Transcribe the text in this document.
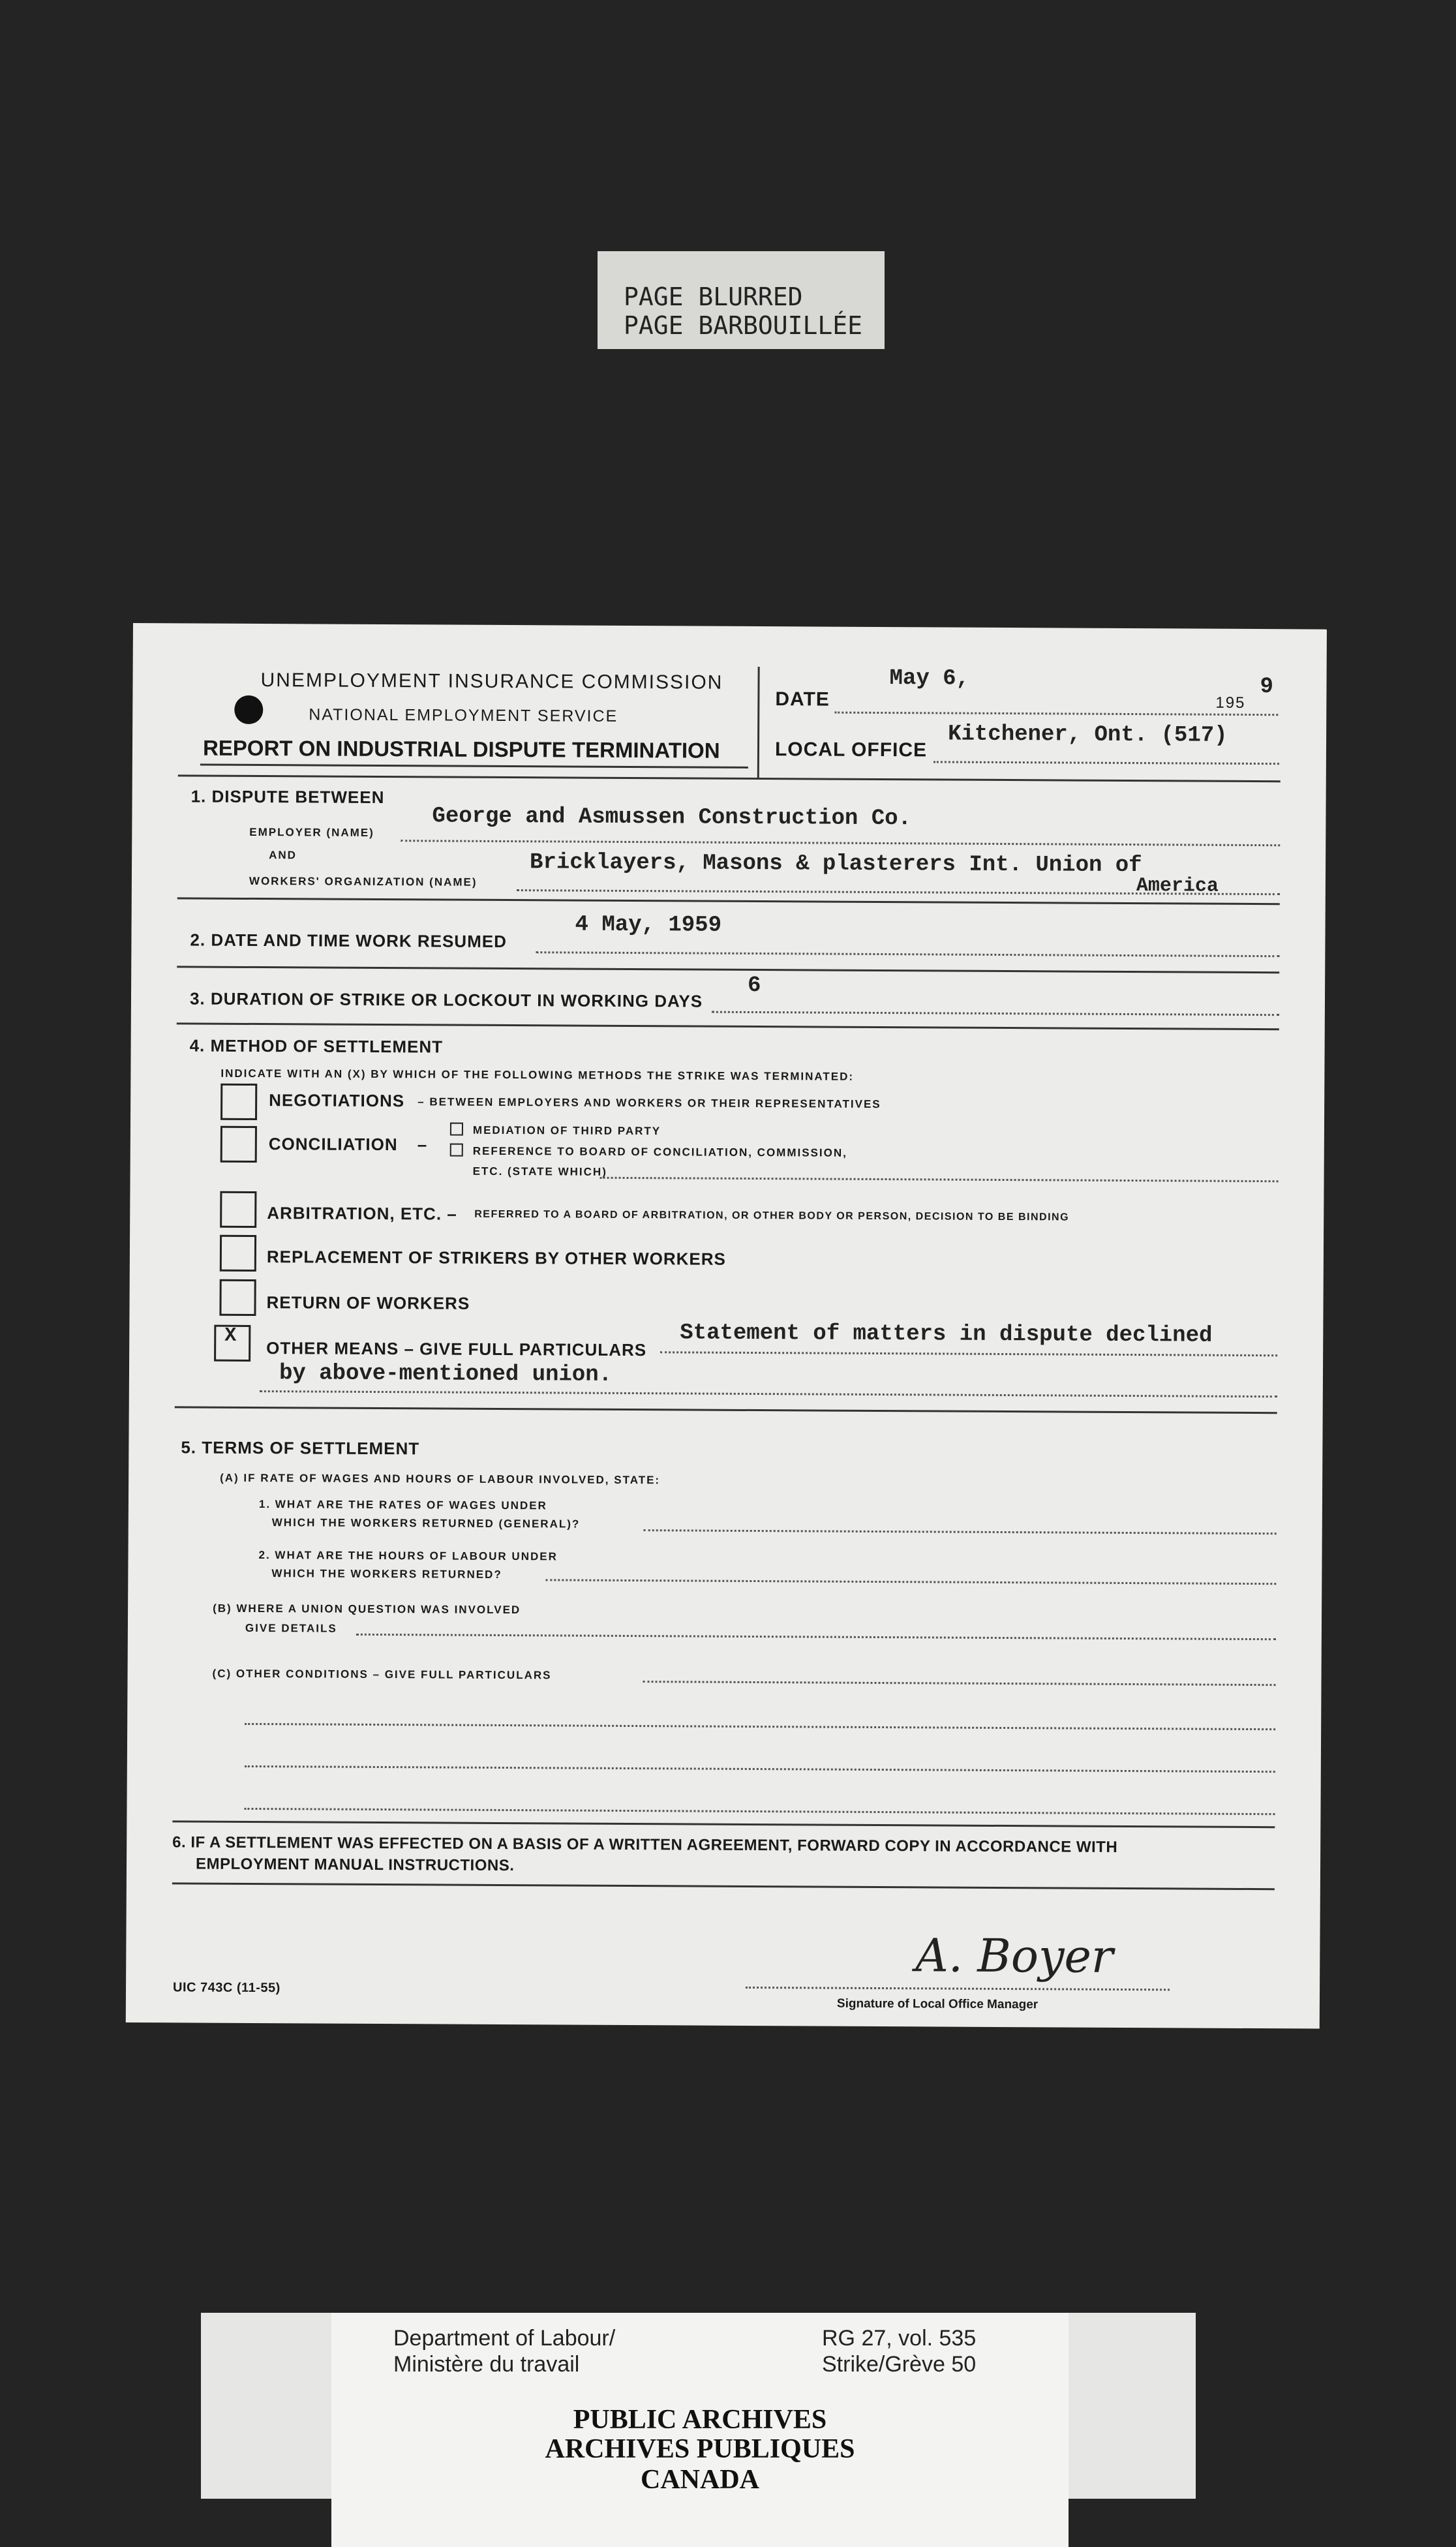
PAGE BLURRED
PAGE BARBOUILLÉE
UNEMPLOYMENT INSURANCE COMMISSION
NATIONAL EMPLOYMENT SERVICE
REPORT ON INDUSTRIAL DISPUTE TERMINATION
DATE
May 6,
195
9
LOCAL OFFICE
Kitchener, Ont. (517)
1. DISPUTE BETWEEN
EMPLOYER (NAME)
George and Asmussen Construction Co.
AND
WORKERS' ORGANIZATION (NAME)
Bricklayers, Masons & plasterers Int. Union of
America
2. DATE AND TIME WORK RESUMED
4 May, 1959
3. DURATION OF STRIKE OR LOCKOUT IN WORKING DAYS
6
4. METHOD OF SETTLEMENT
INDICATE WITH AN (X) BY WHICH OF THE FOLLOWING METHODS THE STRIKE WAS TERMINATED:
NEGOTIATIONS – BETWEEN EMPLOYERS AND WORKERS OR THEIR REPRESENTATIVES
CONCILIATION –
MEDIATION OF THIRD PARTY
REFERENCE TO BOARD OF CONCILIATION, COMMISSION,
ETC. (STATE WHICH)
ARBITRATION, ETC. – REFERRED TO A BOARD OF ARBITRATION, OR OTHER BODY OR PERSON, DECISION TO BE BINDING
REPLACEMENT OF STRIKERS BY OTHER WORKERS
RETURN OF WORKERS
X
OTHER MEANS – GIVE FULL PARTICULARS
Statement of matters in dispute declined
by above-mentioned union.
5. TERMS OF SETTLEMENT
(A) IF RATE OF WAGES AND HOURS OF LABOUR INVOLVED, STATE:
1. WHAT ARE THE RATES OF WAGES UNDER
WHICH THE WORKERS RETURNED (GENERAL)?
2. WHAT ARE THE HOURS OF LABOUR UNDER
WHICH THE WORKERS RETURNED?
(B) WHERE A UNION QUESTION WAS INVOLVED
GIVE DETAILS
(C) OTHER CONDITIONS – GIVE FULL PARTICULARS
6. IF A SETTLEMENT WAS EFFECTED ON A BASIS OF A WRITTEN AGREEMENT, FORWARD COPY IN ACCORDANCE WITH
EMPLOYMENT MANUAL INSTRUCTIONS.
UIC 743C (11-55)
A. Boyer
Signature of Local Office Manager
Department of Labour/
Ministère du travail
RG 27, vol. 535
Strike/Grève 50
PUBLIC ARCHIVES
ARCHIVES PUBLIQUES
CANADA
